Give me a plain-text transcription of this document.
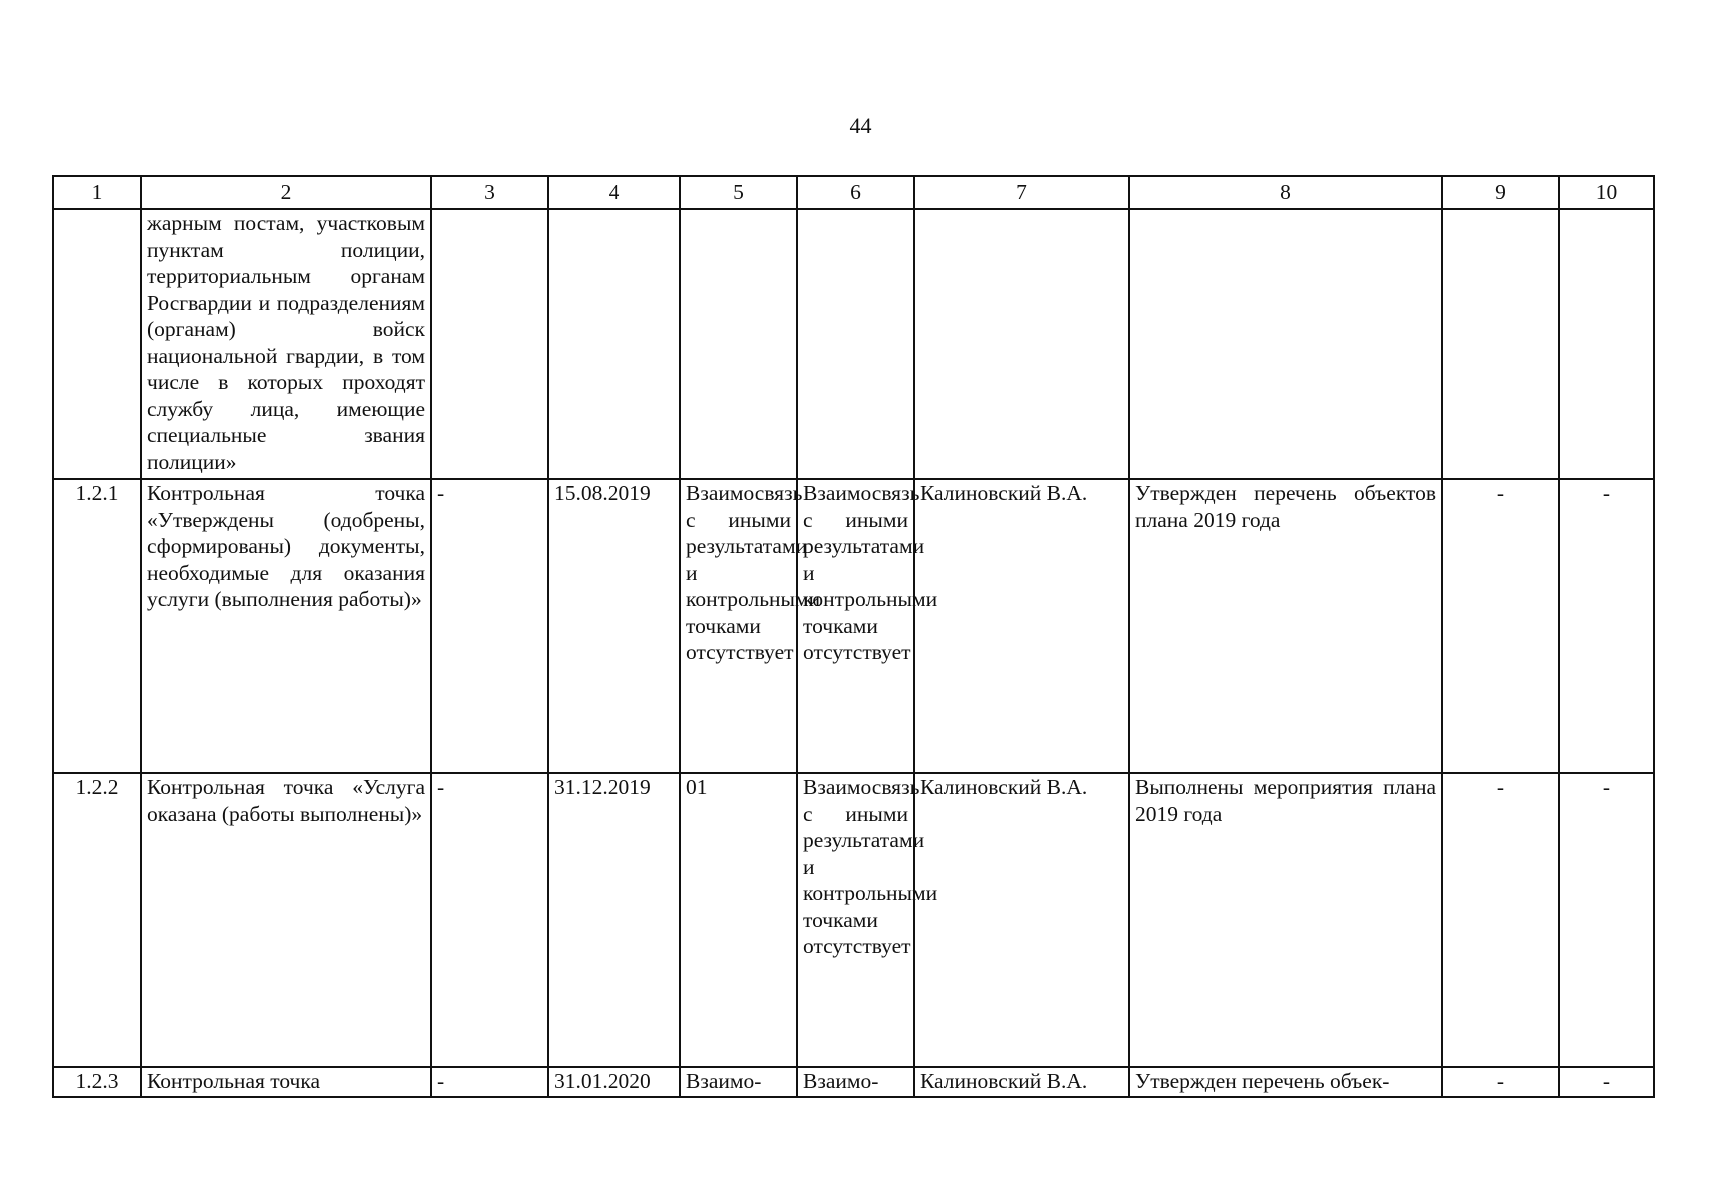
44
1	2	3	4	5	6	7	8	9	10
	жарным постам, участковым пунктам полиции, территориальным органам Росгвардии и подразделениям (органам) войск национальной гвардии, в том числе в которых проходят службу лица, имеющие специальные звания полиции»								
1.2.1	Контрольная точка «Утверждены (одобрены, сформированы) документы, необходимые для оказания услуги (выполнения работы)»	-	15.08.2019	Взаимосвязь с иными результатами и контрольными точками отсутствует	Взаимосвязь с иными результатами и контрольными точками отсутствует	Калиновский В.А.	Утвержден перечень объектов плана 2019 года	-	-
1.2.2	Контрольная точка «Услуга оказана (работы выполнены)»	-	31.12.2019	01	Взаимосвязь с иными результатами и контрольными точками отсутствует	Калиновский В.А.	Выполнены мероприятия плана 2019 года	-	-
1.2.3	Контрольная точка	-	31.01.2020	Взаимо-	Взаимо-	Калиновский В.А.	Утвержден перечень объек-	-	-
